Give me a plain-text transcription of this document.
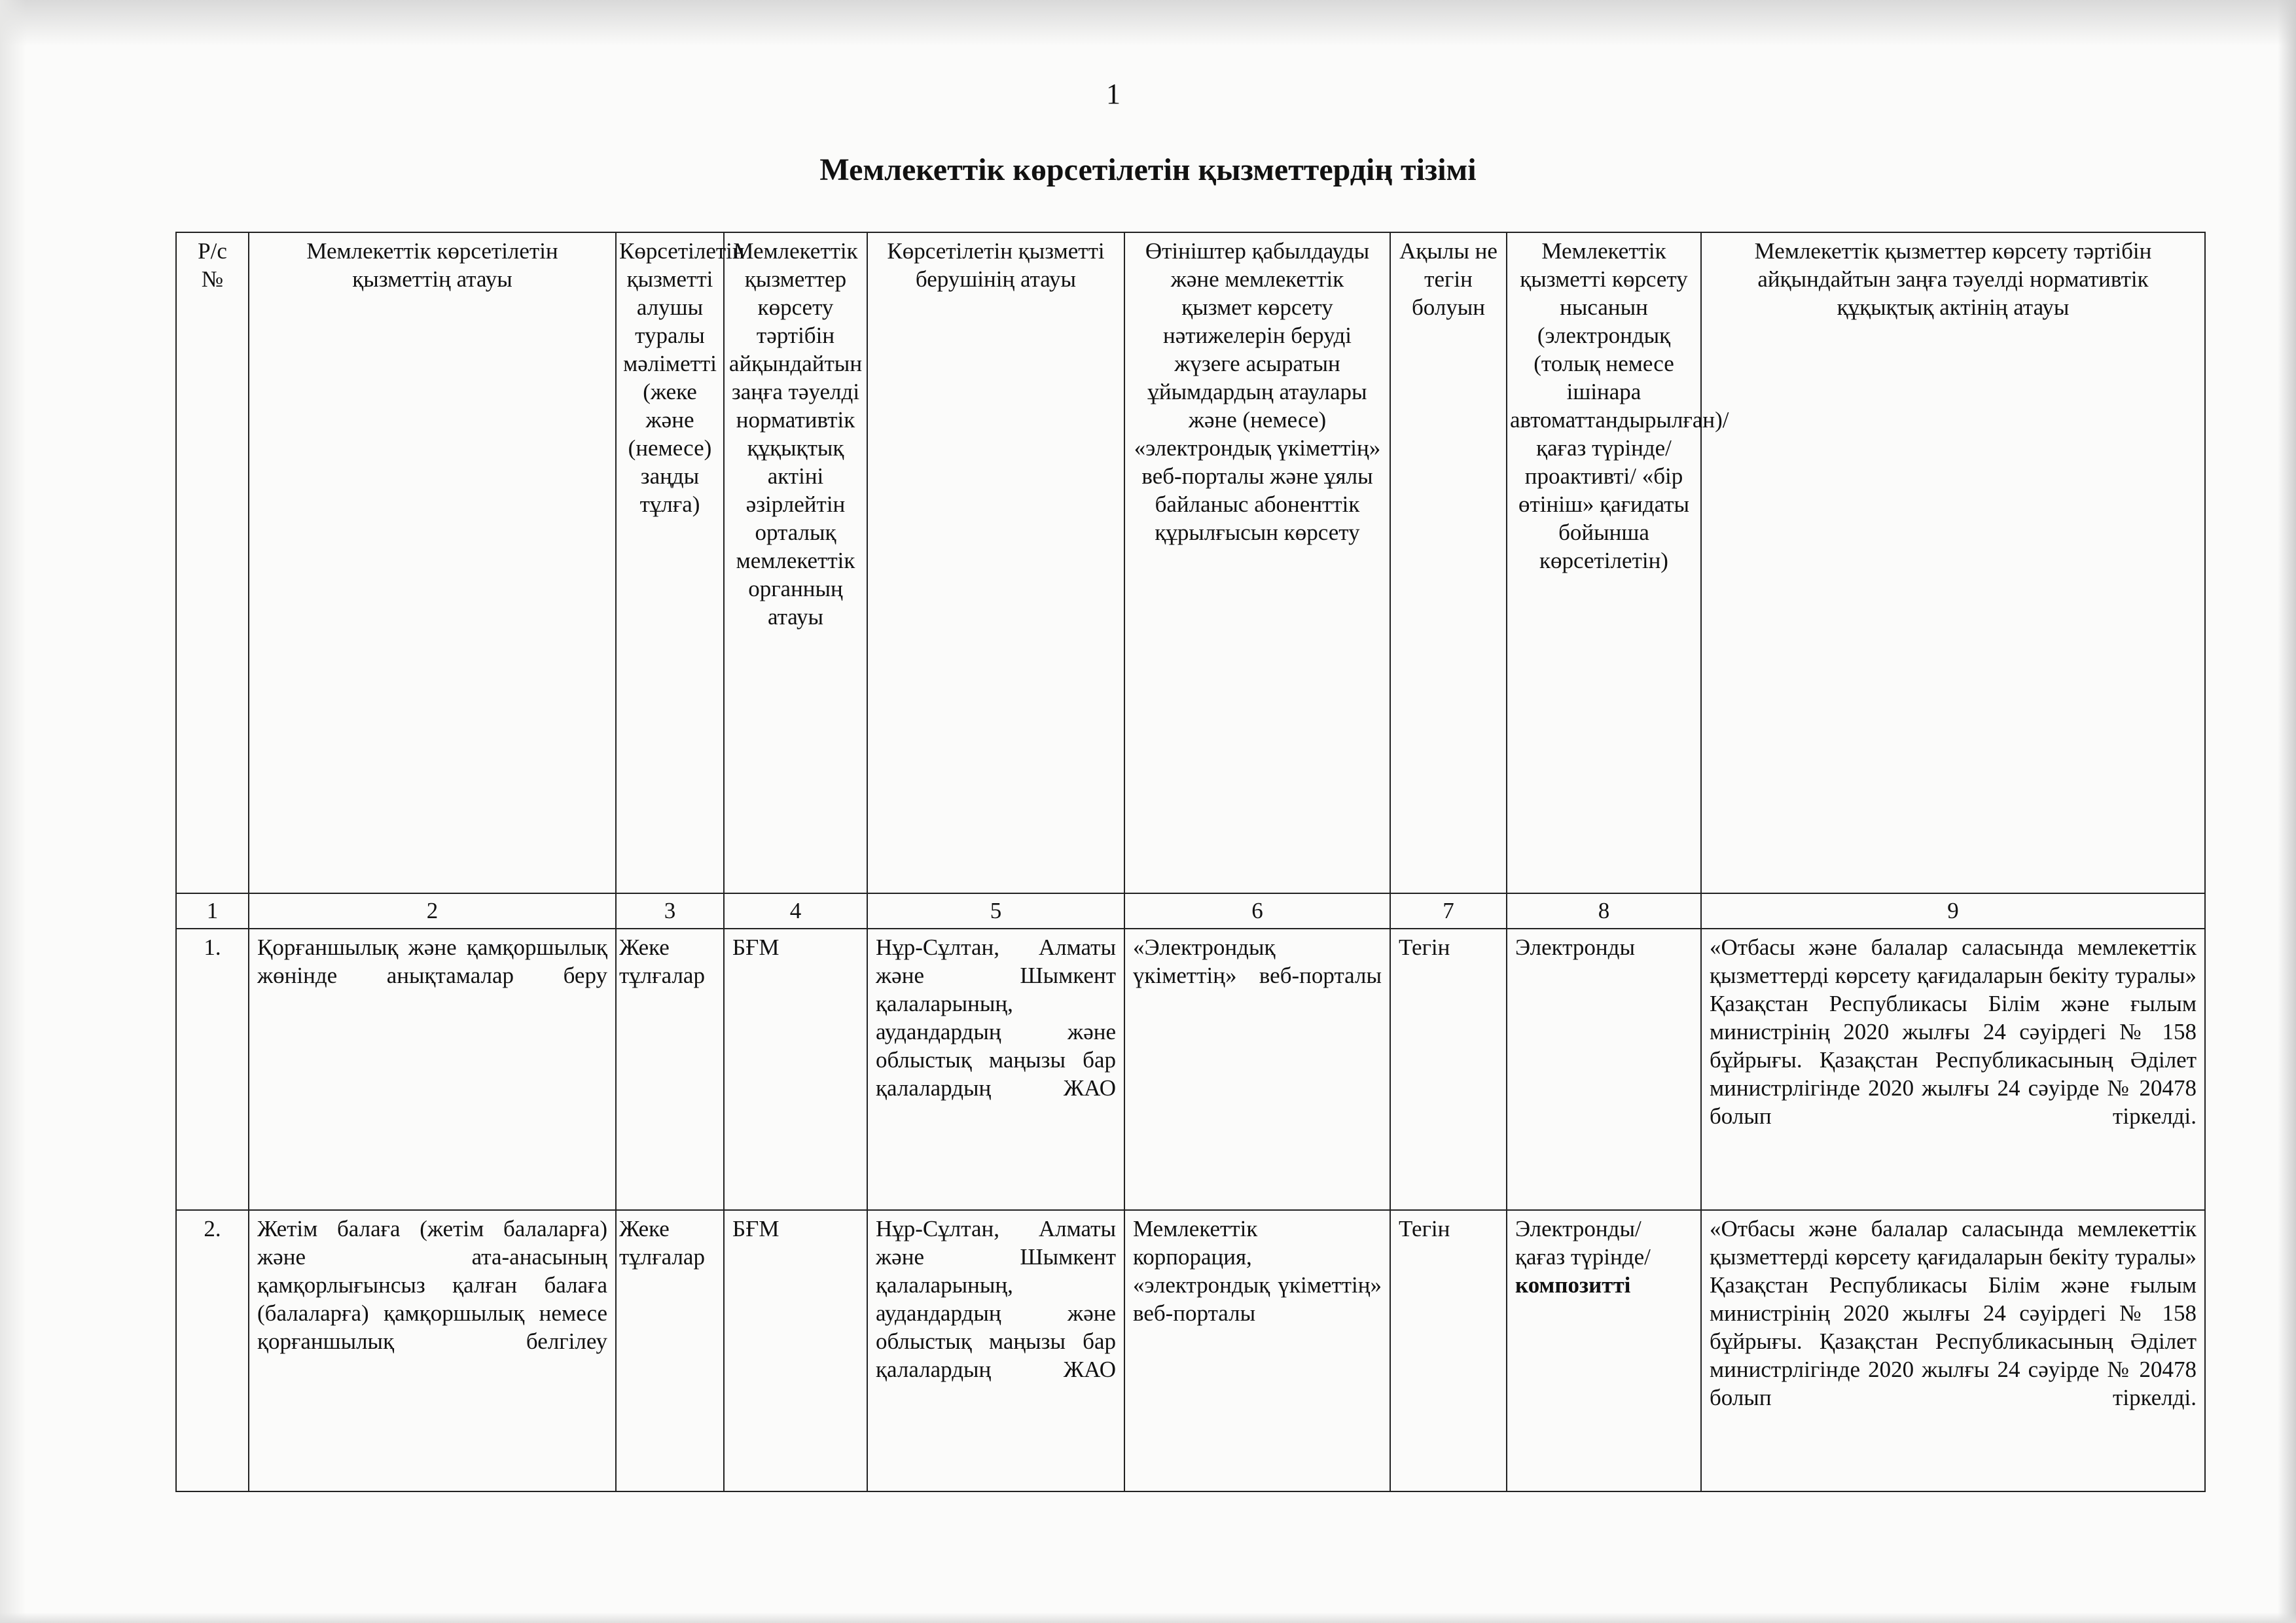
1
Мемлекеттік көрсетілетін қызметтердің тізімі
Р/с №	Мемлекеттік көрсетілетін қызметтің атауы	Көрсетілетін қызметті алушы туралы мәліметті (жеке және (немесе) заңды тұлға)	Мемлекеттік қызметтер көрсету тәртібін айқындайтын заңға тәуелді нормативтік құқықтық актіні әзірлейтін орталық мемлекеттік органның атауы	Көрсетілетін қызметті берушінің атауы	Өтініштер қабылдауды және мемлекеттік қызмет көрсету нәтижелерін беруді жүзеге асыратын ұйымдардың атаулары және (немесе) «электрондық үкіметтің» веб-порталы және ұялы байланыс абоненттік құрылғысын көрсету	Ақылы не тегін болуын	Мемлекеттік қызметті көрсету нысанын (электрондық (толық немесе ішінара автоматтандырылған)/ қағаз түрінде/ проактивті/ «бір өтініш» қағидаты бойынша көрсетілетін)	Мемлекеттік қызметтер көрсету тәртібін айқындайтын заңға тәуелді нормативтік құқықтық актінің атауы
1	2	3	4	5	6	7	8	9
1.	Қорғаншылық және қамқоршылық жөнінде анықтамалар беру	Жеке тұлғалар	БҒМ	Нұр-Сұлтан, Алматы және Шымкент қалаларының, аудандардың және облыстық маңызы бар қалалардың ЖАО	«Электрондық үкіметтің» веб-порталы	Тегін	Электронды	«Отбасы және балалар саласында мемлекеттік қызметтерді көрсету қағидаларын бекіту туралы» Қазақстан Республикасы Білім және ғылым министрінің 2020 жылғы 24 сәуірдегі № 158 бұйрығы. Қазақстан Республикасының Әділет министрлігінде 2020 жылғы 24 сәуірде № 20478 болып тіркелді.
2.	Жетім балаға (жетім балаларға) және ата-анасының қамқорлығынсыз қалған балаға (балаларға) қамқоршылық немесе қорғаншылық белгілеу	Жеке тұлғалар	БҒМ	Нұр-Сұлтан, Алматы және Шымкент қалаларының, аудандардың және облыстық маңызы бар қалалардың ЖАО	Мемлекеттік корпорация, «электрондық үкіметтің» веб-порталы	Тегін	Электронды/ қағаз түрінде/композитті	«Отбасы және балалар саласында мемлекеттік қызметтерді көрсету қағидаларын бекіту туралы» Қазақстан Республикасы Білім және ғылым министрінің 2020 жылғы 24 сәуірдегі № 158 бұйрығы. Қазақстан Республикасының Әділет министрлігінде 2020 жылғы 24 сәуірде № 20478 болып тіркелді.
